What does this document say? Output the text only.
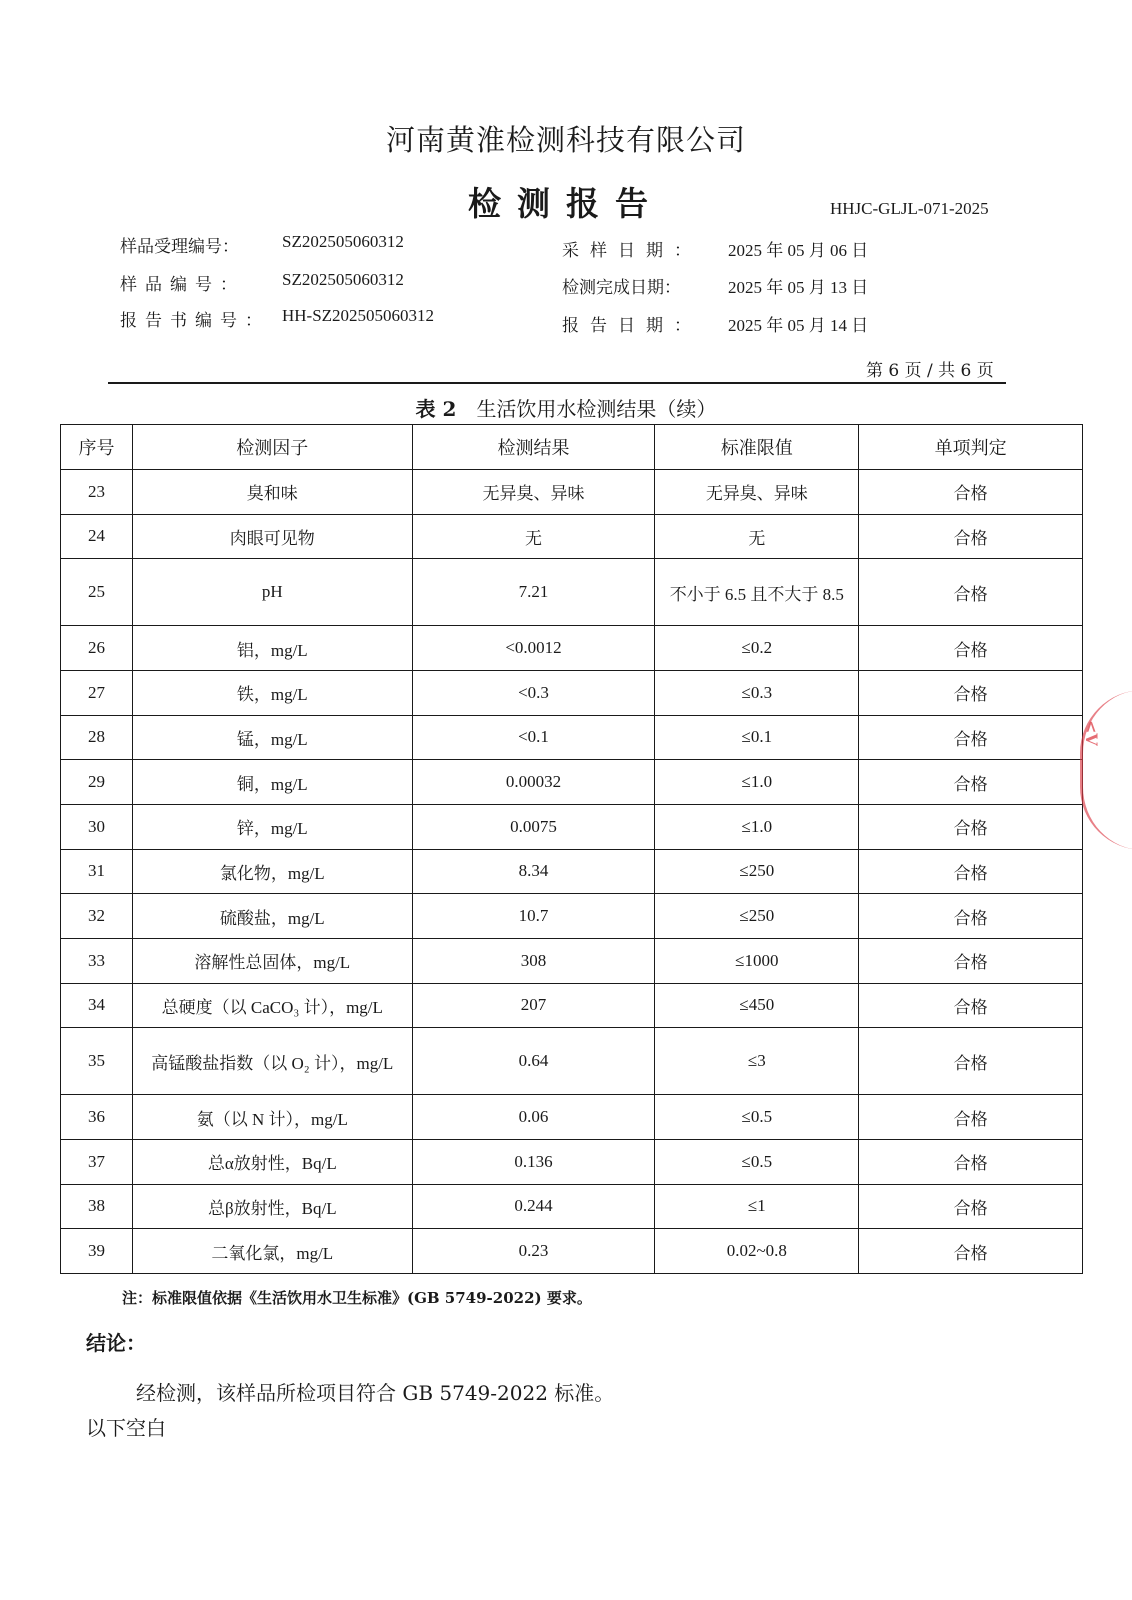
河南黄淮检测科技有限公司
检测报告	HHJC-GLJL-071-2025
样品受理编号：	SZ202505060312
样品编号： SZ202505060312
报告书编号： HH-SZ202505060312
采样日期： 2025 年 05 月 06 日
检测完成日期：	2025 年 05 月 13 日
报告日期： 2025 年 05 月 14 日
第 6 页 / 共 6 页
表 2 生活饮用水检测结果（续）
序号	检测因子	检测结果	标准限值	单项判定
23	臭和味	无异臭、异味	无异臭、异味	合格
24	肉眼可见物	无	无	合格
25	pH	7.21	不小于 6.5 且不大于 8.5	合格
26	铝，mg/L	<0.0012	≤0.2	合格
27	铁，mg/L	<0.3	≤0.3	合格
28	锰，mg/L	<0.1	≤0.1	合格
29	铜，mg/L	0.00032	≤1.0	合格
30	锌，mg/L	0.0075	≤1.0	合格
31	氯化物，mg/L	8.34	≤250	合格
32	硫酸盐，mg/L	10.7	≤250	合格
33	溶解性总固体，mg/L	308	≤1000	合格
34	总硬度（以 CaCO₃ 计），mg/L	207	≤450	合格
35	高锰酸盐指数（以 O₂ 计），mg/L	0.64	≤3	合格
36	氨（以 N 计），mg/L	0.06	≤0.5	合格
37	总α放射性，Bq/L	0.136	≤0.5	合格
38	总β放射性，Bq/L	0.244	≤1	合格
39	二氧化氯，mg/L	0.23	0.02~0.8	合格
注：标准限值依据《生活饮用水卫生标准》(GB 5749-2022) 要求。
结论：
经检测，该样品所检项目符合 GB 5749-2022 标准。
以下空白
<V
